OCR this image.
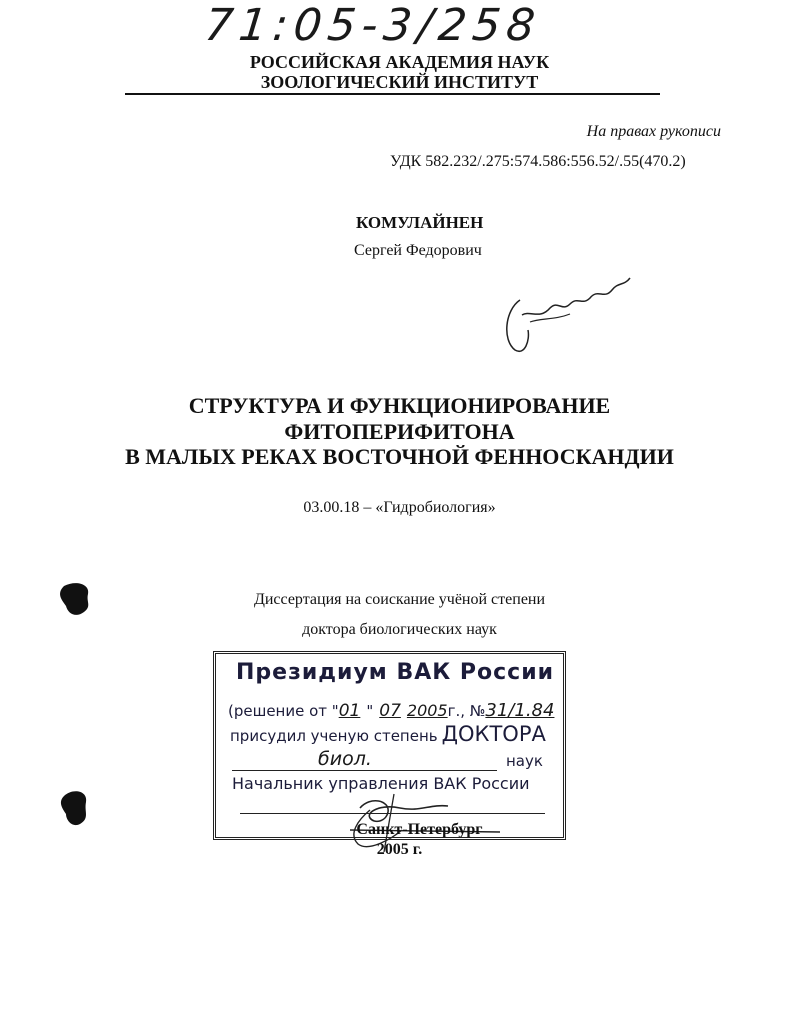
71:05-3/258
РОССИЙСКАЯ АКАДЕМИЯ НАУК
ЗООЛОГИЧЕСКИЙ ИНСТИТУТ
На правах рукописи
УДК 582.232/.275:574.586:556.52/.55(470.2)
КОМУЛАЙНЕН
Сергей Федорович
СТРУКТУРА И ФУНКЦИОНИРОВАНИЕ
ФИТОПЕРИФИТОНА
В МАЛЫХ РЕКАХ ВОСТОЧНОЙ ФЕННОСКАНДИИ
03.00.18 – «Гидробиология»
Диссертация на соискание учёной степени
доктора биологических наук
Президиум ВАК России
(решение от "01 " 07 2005г., №31/1.84
присудил ученую степень ДОКТОРА
биол.	наук
Начальник управления ВАК России
Санкт-Петербург
2005 г.
